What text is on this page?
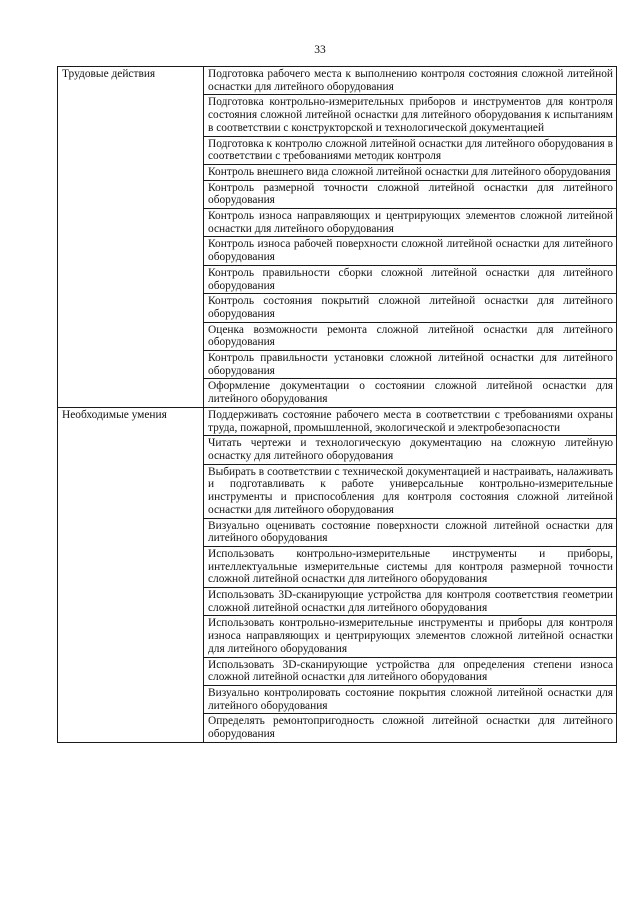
33
Трудовые действия	Подготовка рабочего места к выполнению контроля состояния сложной литейной оснастки для литейного оборудования
	Подготовка контрольно-измерительных приборов и инструментов для контроля состояния сложной литейной оснастки для литейного оборудования к испытаниям в соответствии с конструкторской и технологической документацией
	Подготовка к контролю сложной литейной оснастки для литейного оборудования в соответствии с требованиями методик контроля
	Контроль внешнего вида сложной литейной оснастки для литейного оборудования
	Контроль размерной точности сложной литейной оснастки для литейного оборудования
	Контроль износа направляющих и центрирующих элементов сложной литейной оснастки для литейного оборудования
	Контроль износа рабочей поверхности сложной литейной оснастки для литейного оборудования
	Контроль правильности сборки сложной литейной оснастки для литейного оборудования
	Контроль состояния покрытий сложной литейной оснастки для литейного оборудования
	Оценка возможности ремонта сложной литейной оснастки для литейного оборудования
	Контроль правильности установки сложной литейной оснастки для литейного оборудования
	Оформление документации о состоянии сложной литейной оснастки для литейного оборудования
Необходимые умения	Поддерживать состояние рабочего места в соответствии с требованиями охраны труда, пожарной, промышленной, экологической и электробезопасности
	Читать чертежи и технологическую документацию на сложную литейную оснастку для литейного оборудования
	Выбирать в соответствии с технической документацией и настраивать, налаживать и подготавливать к работе универсальные контрольно-измерительные инструменты и приспособления для контроля состояния сложной литейной оснастки для литейного оборудования
	Визуально оценивать состояние поверхности сложной литейной оснастки для литейного оборудования
	Использовать контрольно-измерительные инструменты и приборы, интеллектуальные измерительные системы для контроля размерной точности сложной литейной оснастки для литейного оборудования
	Использовать 3D-сканирующие устройства для контроля соответствия геометрии сложной литейной оснастки для литейного оборудования
	Использовать контрольно-измерительные инструменты и приборы для контроля износа направляющих и центрирующих элементов сложной литейной оснастки для литейного оборудования
	Использовать 3D-сканирующие устройства для определения степени износа сложной литейной оснастки для литейного оборудования
	Визуально контролировать состояние покрытия сложной литейной оснастки для литейного оборудования
	Определять ремонтопригодность сложной литейной оснастки для литейного оборудования
